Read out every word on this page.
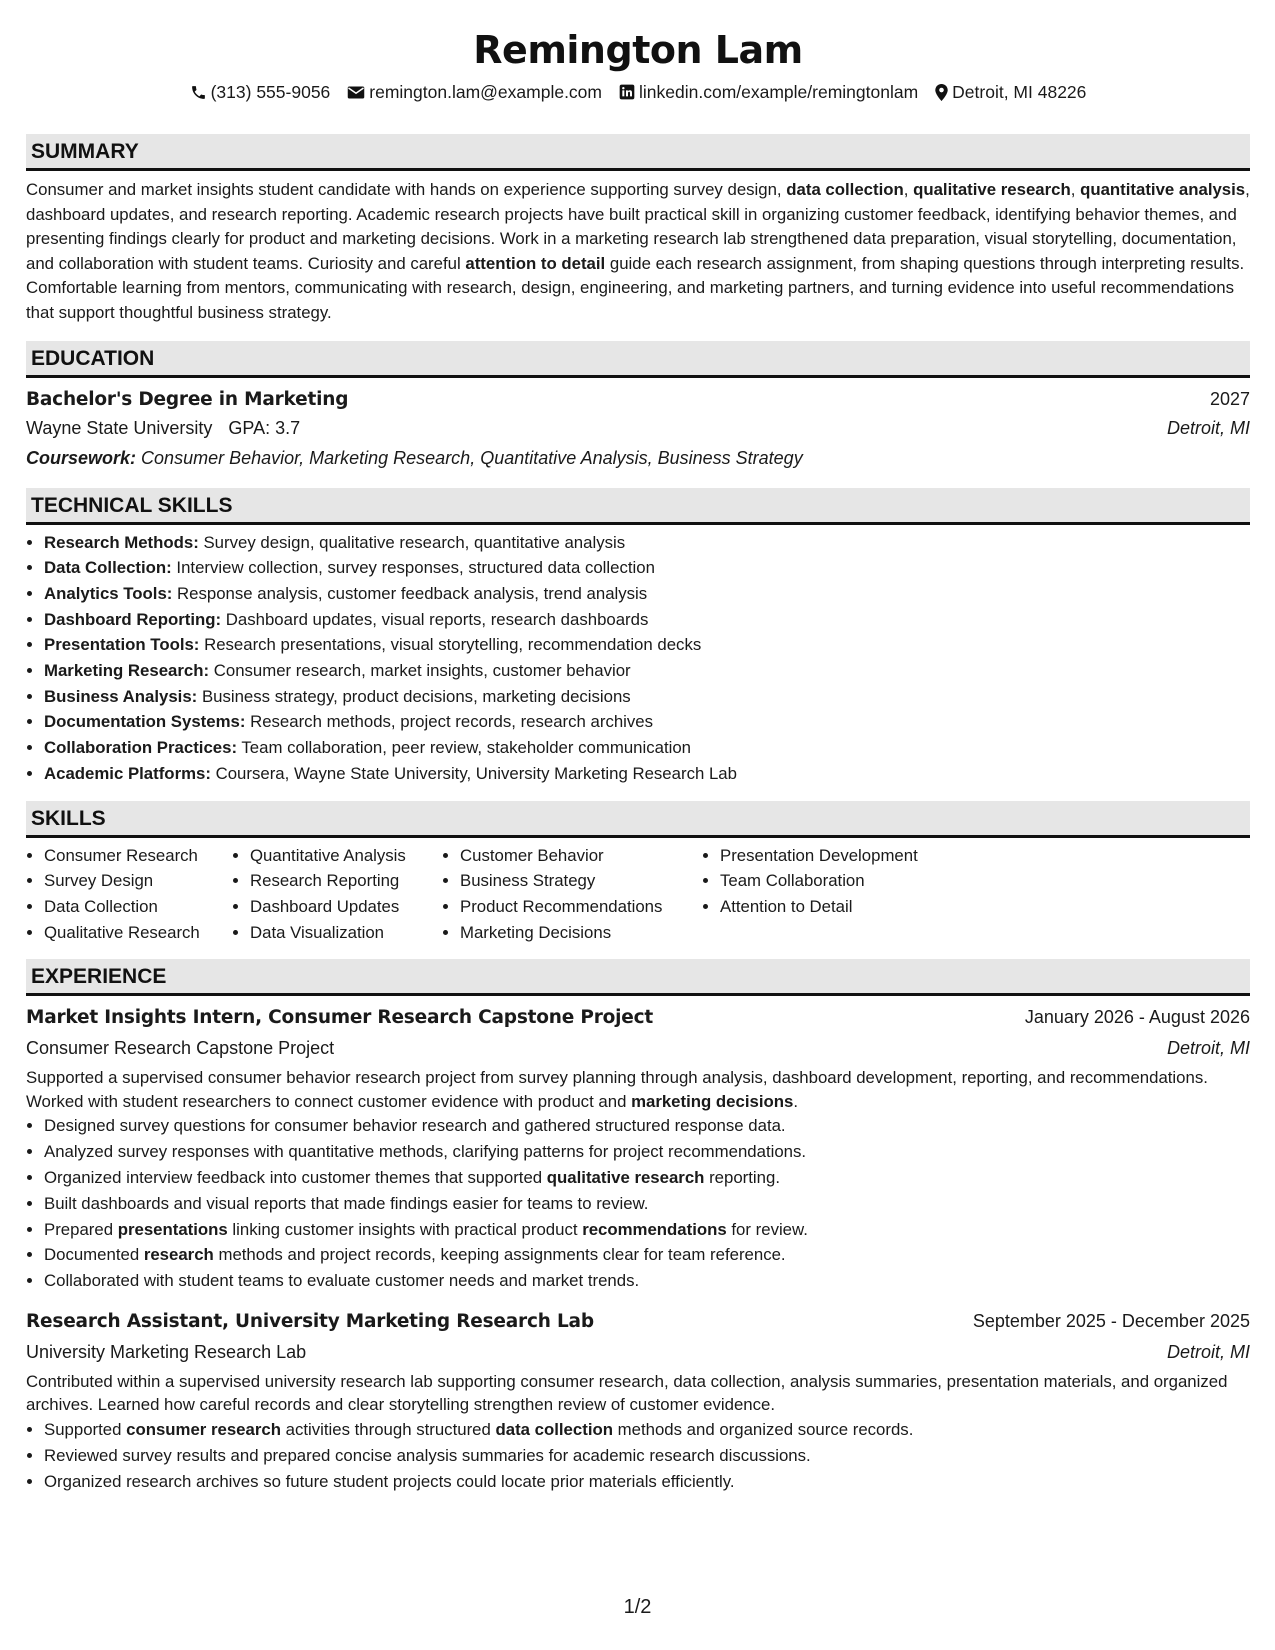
Remington Lam
(313) 555-9056 remington.lam@example.com linkedin.com/example/remingtonlam Detroit, MI 48226
SUMMARY
Consumer and market insights student candidate with hands on experience supporting survey design, data collection, qualitative research, quantitative analysis, dashboard updates, and research reporting. Academic research projects have built practical skill in organizing customer feedback, identifying behavior themes, and presenting findings clearly for product and marketing decisions. Work in a marketing research lab strengthened data preparation, visual storytelling, documentation, and collaboration with student teams. Curiosity and careful attention to detail guide each research assignment, from shaping questions through interpreting results. Comfortable learning from mentors, communicating with research, design, engineering, and marketing partners, and turning evidence into useful recommendations that support thoughtful business strategy.
EDUCATION
Bachelor's Degree in Marketing	2027
Wayne State University GPA: 3.7	Detroit, MI
Coursework: Consumer Behavior, Marketing Research, Quantitative Analysis, Business Strategy
TECHNICAL SKILLS
• Research Methods: Survey design, qualitative research, quantitative analysis
• Data Collection: Interview collection, survey responses, structured data collection
• Analytics Tools: Response analysis, customer feedback analysis, trend analysis
• Dashboard Reporting: Dashboard updates, visual reports, research dashboards
• Presentation Tools: Research presentations, visual storytelling, recommendation decks
• Marketing Research: Consumer research, market insights, customer behavior
• Business Analysis: Business strategy, product decisions, marketing decisions
• Documentation Systems: Research methods, project records, research archives
• Collaboration Practices: Team collaboration, peer review, stakeholder communication
• Academic Platforms: Coursera, Wayne State University, University Marketing Research Lab
SKILLS
• Consumer Research
• Survey Design
• Data Collection
• Qualitative Research
• Quantitative Analysis
• Research Reporting
• Dashboard Updates
• Data Visualization
• Customer Behavior
• Business Strategy
• Product Recommendations
• Marketing Decisions
• Presentation Development
• Team Collaboration
• Attention to Detail
EXPERIENCE
Market Insights Intern, Consumer Research Capstone Project	January 2026 - August 2026
Consumer Research Capstone Project	Detroit, MI
Supported a supervised consumer behavior research project from survey planning through analysis, dashboard development, reporting, and recommendations. Worked with student researchers to connect customer evidence with product and marketing decisions.
• Designed survey questions for consumer behavior research and gathered structured response data.
• Analyzed survey responses with quantitative methods, clarifying patterns for project recommendations.
• Organized interview feedback into customer themes that supported qualitative research reporting.
• Built dashboards and visual reports that made findings easier for teams to review.
• Prepared presentations linking customer insights with practical product recommendations for review.
• Documented research methods and project records, keeping assignments clear for team reference.
• Collaborated with student teams to evaluate customer needs and market trends.
Research Assistant, University Marketing Research Lab	September 2025 - December 2025
University Marketing Research Lab	Detroit, MI
Contributed within a supervised university research lab supporting consumer research, data collection, analysis summaries, presentation materials, and organized archives. Learned how careful records and clear storytelling strengthen review of customer evidence.
• Supported consumer research activities through structured data collection methods and organized source records.
• Reviewed survey results and prepared concise analysis summaries for academic research discussions.
• Organized research archives so future student projects could locate prior materials efficiently.
1/2
